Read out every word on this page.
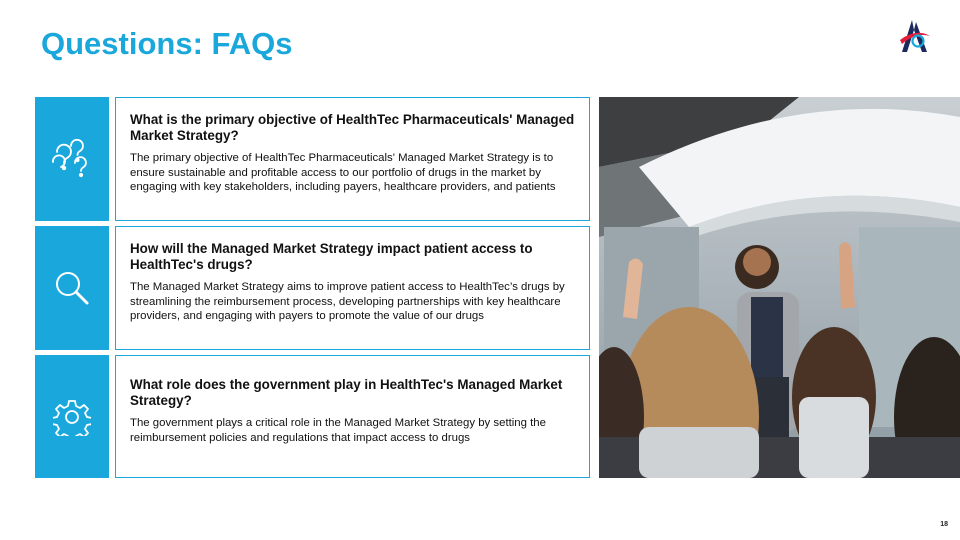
Questions: FAQs

What is the primary objective of HealthTec Pharmaceuticals' Managed Market Strategy?

The primary objective of HealthTec Pharmaceuticals' Managed Market Strategy is to ensure sustainable and profitable access to our portfolio of drugs in the market by engaging with key stakeholders, including payers, healthcare providers, and patients

How will the Managed Market Strategy impact patient access to HealthTec's drugs?

The Managed Market Strategy aims to improve patient access to HealthTec’s drugs by streamlining the reimbursement process, developing partnerships with key healthcare providers, and engaging with payers to promote the value of our drugs

What role does the government play in HealthTec's Managed Market Strategy?

The government plays a critical role in the Managed Market Strategy by setting the reimbursement policies and regulations that impact access to drugs

18
